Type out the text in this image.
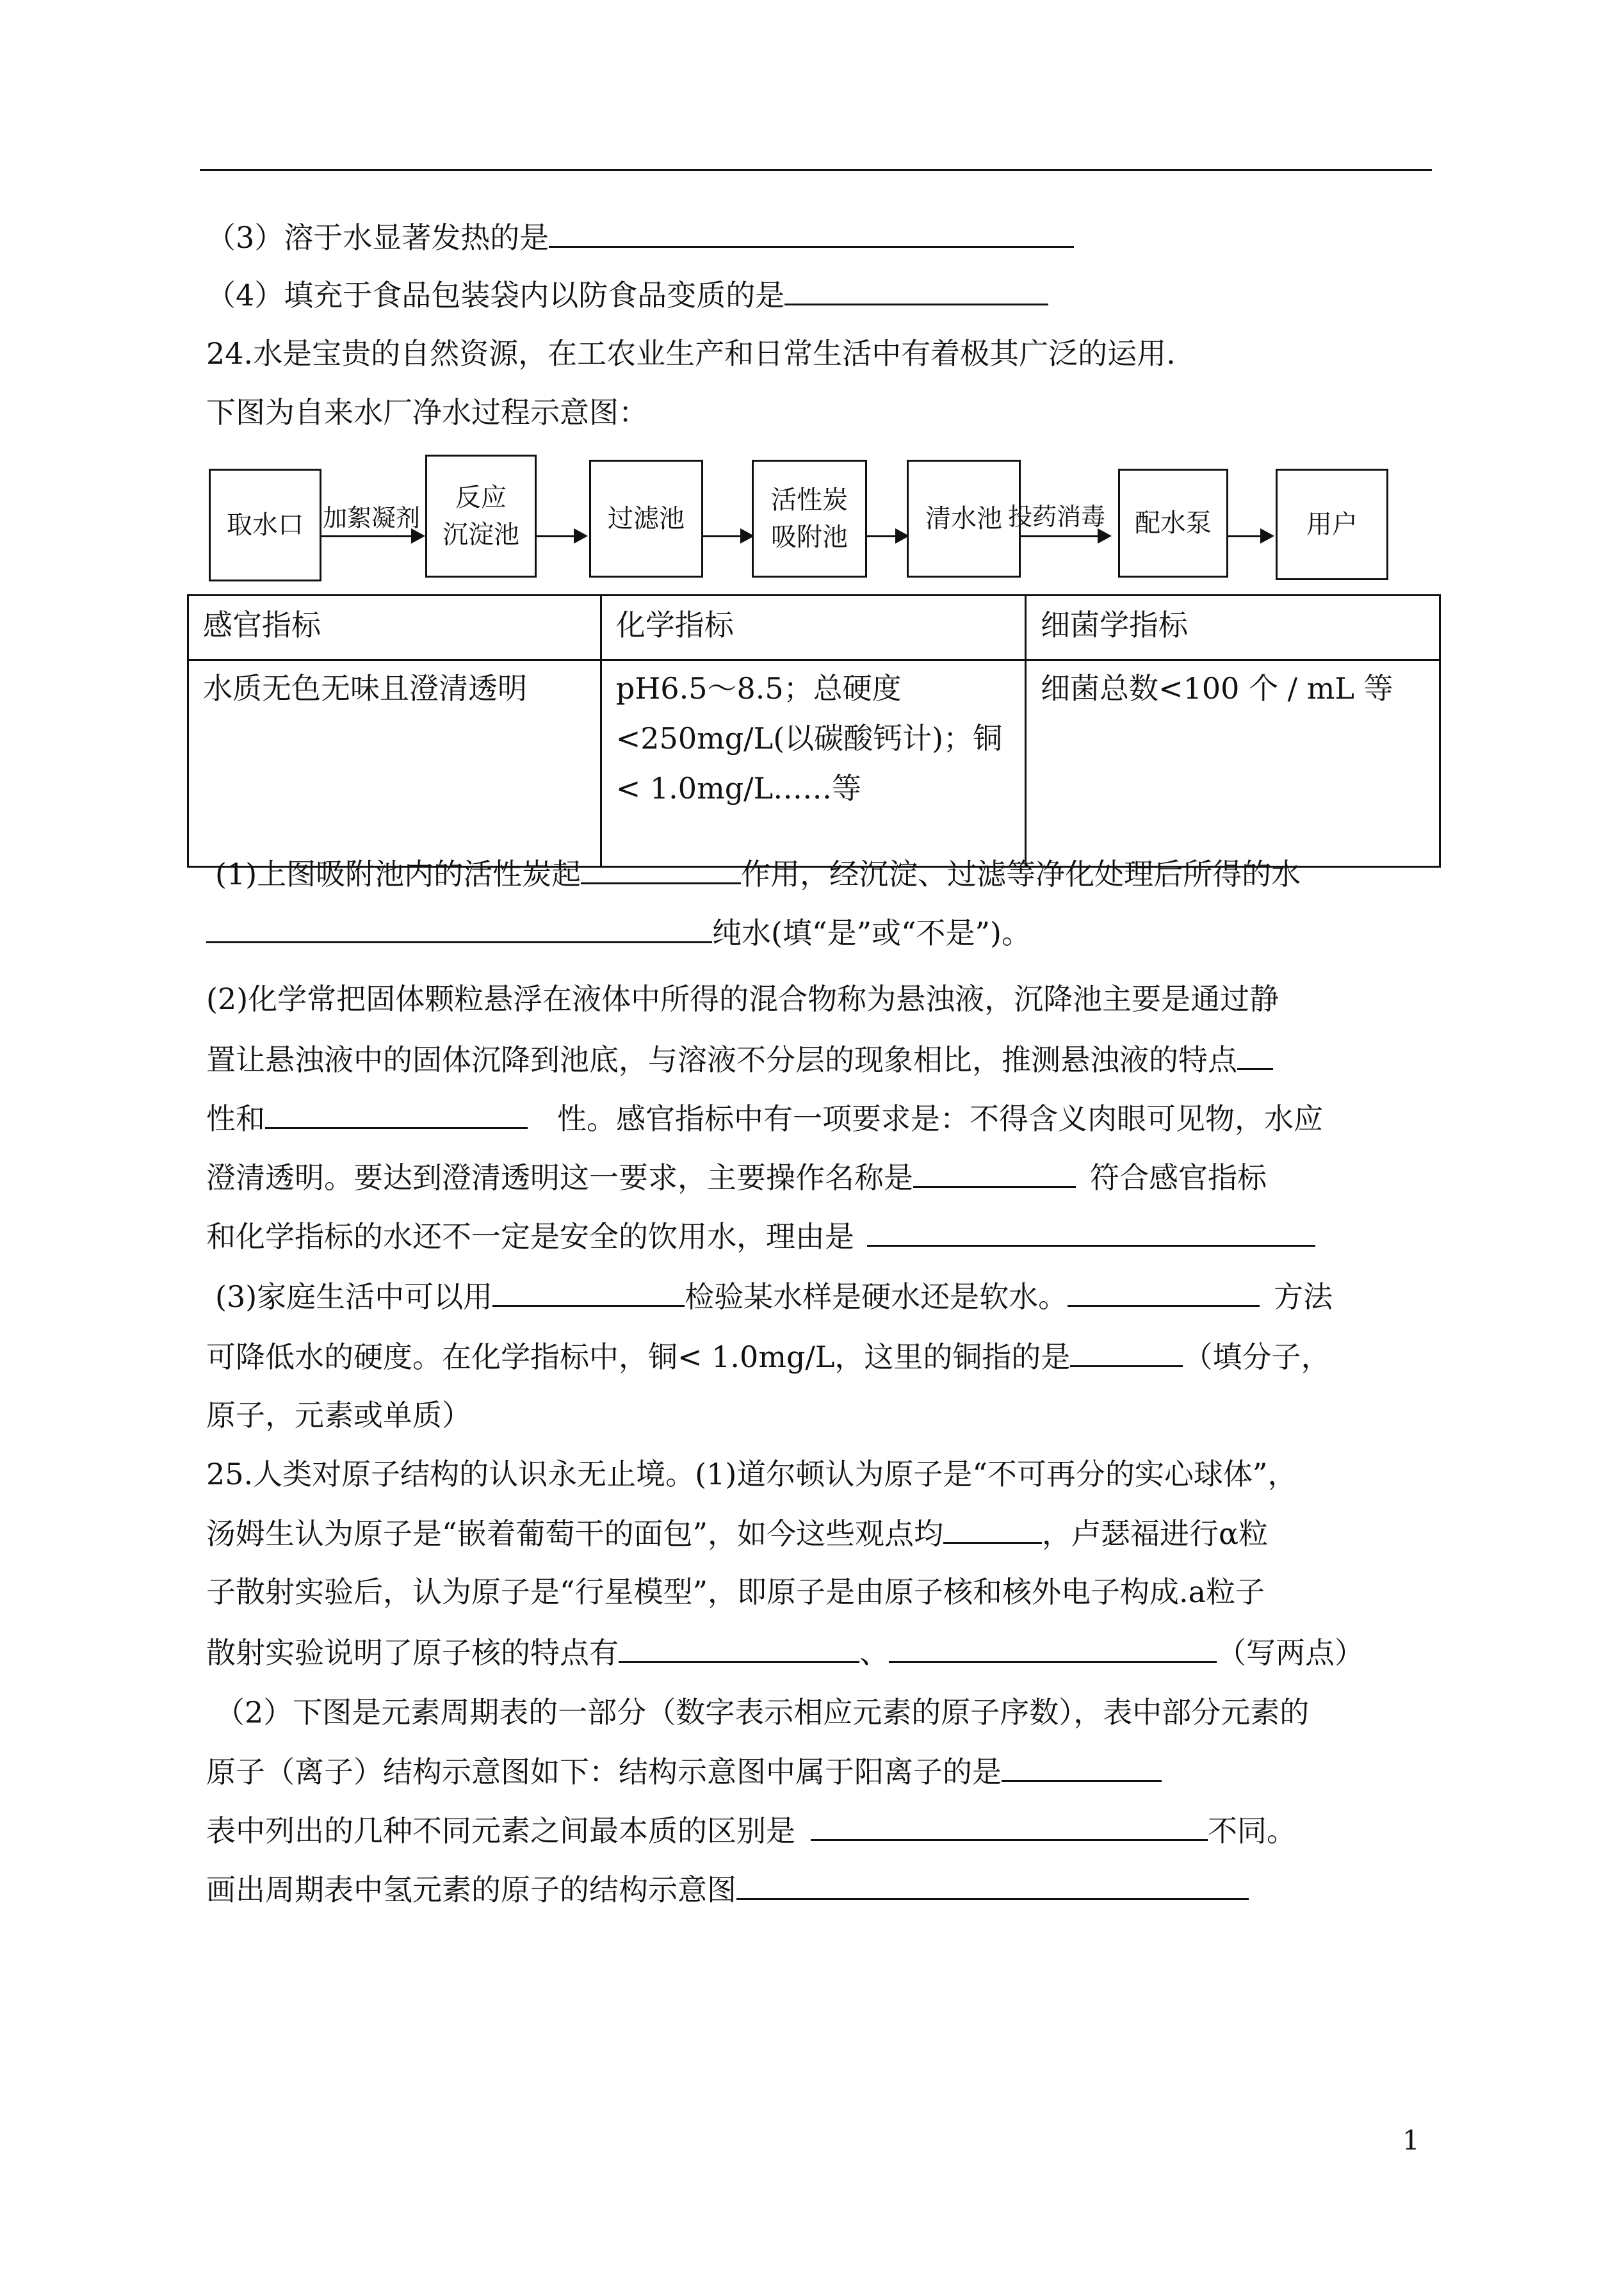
（3）溶于水显著发热的是
（4）填充于食品包装袋内以防食品变质的是
24.水是宝贵的自然资源，在工农业生产和日常生活中有着极其广泛的运用.
下图为自来水厂净水过程示意图：
取水口 加絮凝剂
反应
沉淀池
过滤池
活性炭
吸附池
清水池 投药消毒 配水泵	用户
感官指标	化学指标	细菌学指标
水质无色无味且澄清透明	pH6.5～8.5；总硬度
<250mg/L(以碳酸钙计)；铜
< 1.0mg/L……等	细菌总数<100 个 / mL 等
(1)上图吸附池内的活性炭起	作用，经沉淀、过滤等净化处理后所得的水
纯水(填“是”或“不是”)。
(2)化学常把固体颗粒悬浮在液体中所得的混合物称为悬浊液，沉降池主要是通过静
置让悬浊液中的固体沉降到池底，与溶液不分层的现象相比，推测悬浊液的特点
性和	性。感官指标中有一项要求是：不得含义肉眼可见物，水应
澄清透明。要达到澄清透明这一要求，主要操作名称是	符合感官指标
和化学指标的水还不一定是安全的饮用水，理由是
(3)家庭生活中可以用	检验某水样是硬水还是软水。	方法
可降低水的硬度。在化学指标中，铜< 1.0mg/L，这里的铜指的是	（填分子，
原子，元素或单质）
25.人类对原子结构的认识永无止境。(1)道尔顿认为原子是“不可再分的实心球体”，
汤姆生认为原子是“嵌着葡萄干的面包”，如今这些观点均	，卢瑟福进行α粒
子散射实验后，认为原子是“行星模型”，即原子是由原子核和核外电子构成.a粒子
散射实验说明了原子核的特点有	、	（写两点）
（2）下图是元素周期表的一部分（数字表示相应元素的原子序数），表中部分元素的
原子（离子）结构示意图如下：结构示意图中属于阳离子的是
表中列出的几种不同元素之间最本质的区别是	不同。
画出周期表中氢元素的原子的结构示意图
1
